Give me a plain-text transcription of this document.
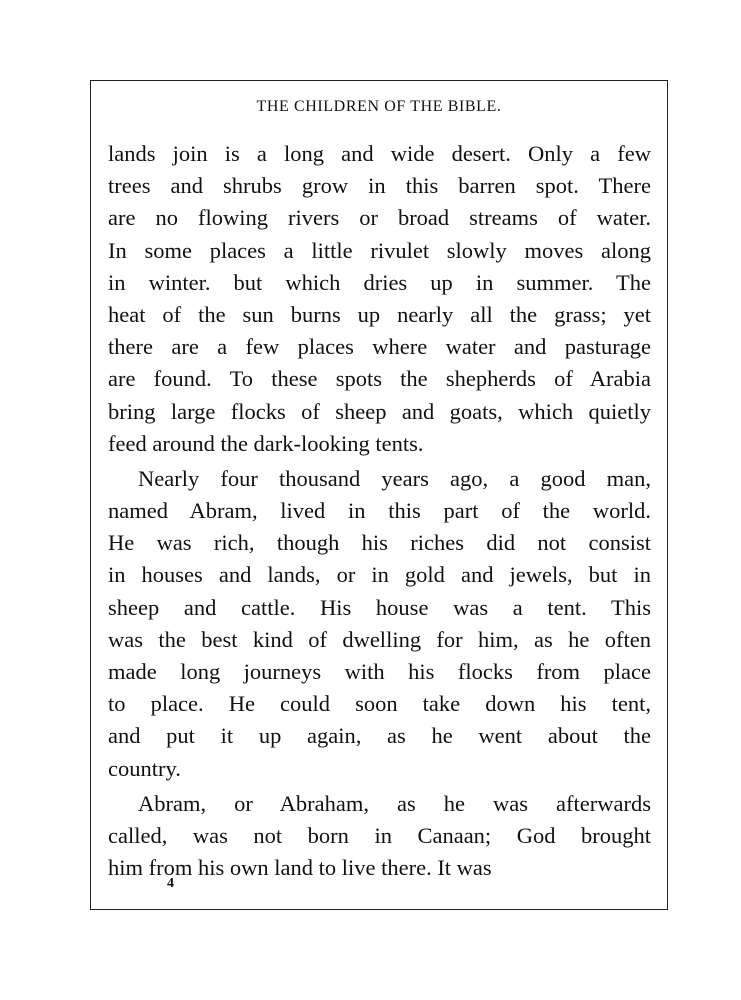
THE CHILDREN OF THE BIBLE.
lands join is a long and wide desert. Only a few
trees and shrubs grow in this barren spot. There
are no flowing rivers or broad streams of water.
In some places a little rivulet slowly moves along
in winter. but which dries up in summer. The
heat of the sun burns up nearly all the grass; yet
there are a few places where water and pasturage
are found. To these spots the shepherds of Arabia
bring large flocks of sheep and goats, which quietly
feed around the dark-looking tents.
Nearly four thousand years ago, a good man,
named Abram, lived in this part of the world.
He was rich, though his riches did not consist
in houses and lands, or in gold and jewels, but in
sheep and cattle. His house was a tent. This
was the best kind of dwelling for him, as he often
made long journeys with his flocks from place
to place. He could soon take down his tent,
and put it up again, as he went about the
country.
Abram, or Abraham, as he was afterwards
called, was not born in Canaan; God brought
him from his own land to live there. It was
4
